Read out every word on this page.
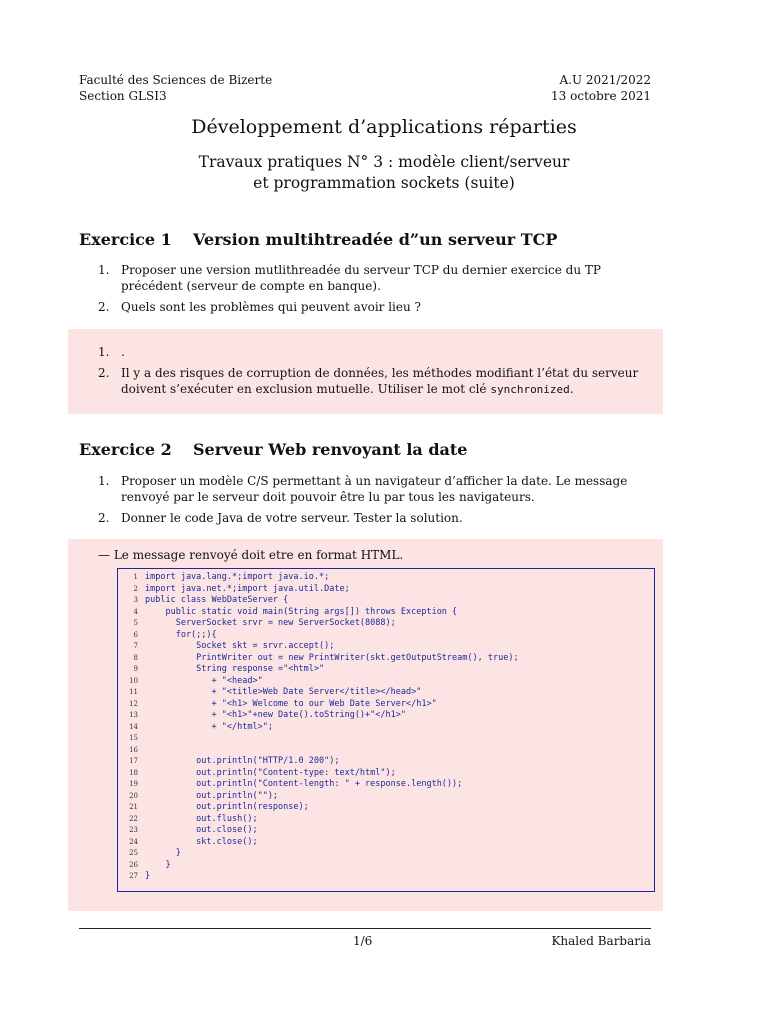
Faculté des Sciences de Bizerte
Section GLSI3
A.U 2021/2022
13 octobre 2021
Développement d’applications réparties
Travaux pratiques N° 3 : modèle client/serveur
et programmation sockets (suite)
Exercice 1 Version multihtreadée d”un serveur TCP
1. Proposer une version mutlithreadée du serveur TCP du dernier exercice du TP précédent (serveur de compte en banque).
2. Quels sont les problèmes qui peuvent avoir lieu ?
1. .
2. Il y a des risques de corruption de données, les méthodes modifiant l’état du serveur doivent s’exécuter en exclusion mutuelle. Utiliser le mot clé synchronized.
Exercice 2 Serveur Web renvoyant la date
1. Proposer un modèle C/S permettant à un navigateur d’afficher la date. Le message renvoyé par le serveur doit pouvoir être lu par tous les navigateurs.
2. Donner le code Java de votre serveur. Tester la solution.
— Le message renvoyé doit etre en format HTML.
1 import java.lang.*;import java.io.*;
2 import java.net.*;import java.util.Date;
3 public class WebDateServer {
4    public static void main(String args[]) throws Exception {
5      ServerSocket srvr = new ServerSocket(8088);
6      for(;;){
7          Socket skt = srvr.accept();
8          PrintWriter out = new PrintWriter(skt.getOutputStream(), true);
9          String response ="<html>"
10             + "<head>"
11             + "<title>Web Date Server</title></head>"
12             + "<h1> Welcome to our Web Date Server</h1>"
13             + "<h1>"+new Date().toString()+"</h1>"
14             + "</html>";
15
16
17          out.println("HTTP/1.0 200");
18          out.println("Content-type: text/html");
19          out.println("Content-length: " + response.length());
20          out.println("");
21          out.println(response);
22          out.flush();
23          out.close();
24          skt.close();
25      }
26    }
27 }
1/6	Khaled Barbaria
